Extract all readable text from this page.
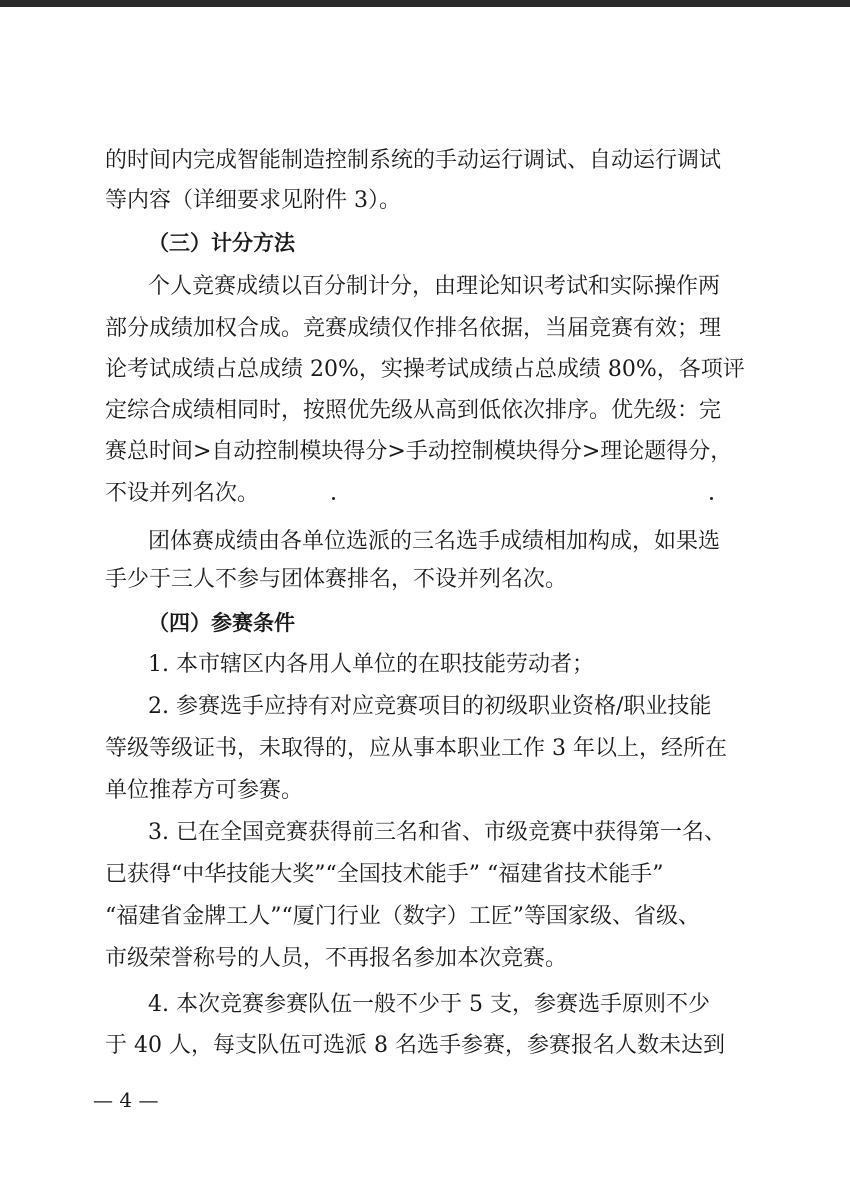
的时间内完成智能制造控制系统的手动运行调试、自动运行调试
等内容（详细要求见附件 3）。
（三）计分方法
个人竞赛成绩以百分制计分，由理论知识考试和实际操作两
部分成绩加权合成。竞赛成绩仅作排名依据，当届竞赛有效；理
论考试成绩占总成绩 20%，实操考试成绩占总成绩 80%，各项评
定综合成绩相同时，按照优先级从高到低依次排序。优先级：完
赛总时间>自动控制模块得分>手动控制模块得分>理论题得分，
不设并列名次。
团体赛成绩由各单位选派的三名选手成绩相加构成，如果选
手少于三人不参与团体赛排名，不设并列名次。
（四）参赛条件
1. 本市辖区内各用人单位的在职技能劳动者；
2. 参赛选手应持有对应竞赛项目的初级职业资格/职业技能
等级等级证书，未取得的，应从事本职业工作 3 年以上，经所在
单位推荐方可参赛。
3. 已在全国竞赛获得前三名和省、市级竞赛中获得第一名、
已获得“中华技能大奖”“全国技术能手” “福建省技术能手”
“福建省金牌工人”“厦门行业（数字）工匠”等国家级、省级、
市级荣誉称号的人员，不再报名参加本次竞赛。
4. 本次竞赛参赛队伍一般不少于 5 支，参赛选手原则不少
于 40 人，每支队伍可选派 8 名选手参赛，参赛报名人数未达到
— 4 —
